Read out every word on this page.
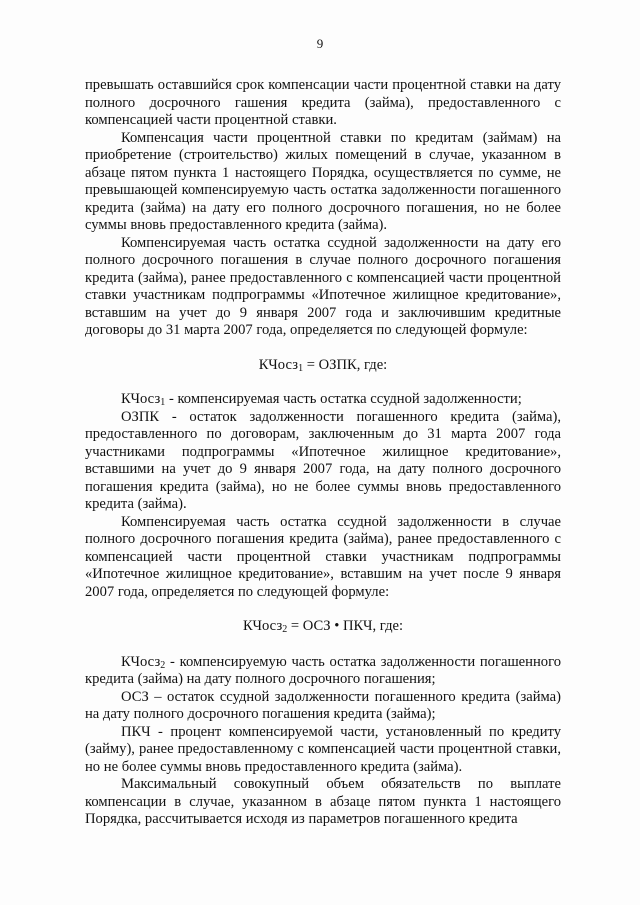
9

превышать оставшийся срок компенсации части процентной ставки на дату полного досрочного гашения кредита (займа), предоставленного с компенсацией части процентной ставки.

Компенсация части процентной ставки по кредитам (займам) на приобретение (строительство) жилых помещений в случае, указанном в абзаце пятом пункта 1 настоящего Порядка, осуществляется по сумме, не превышающей компенсируемую часть остатка задолженности погашенного кредита (займа) на дату его полного досрочного погашения, но не более суммы вновь предоставленного кредита (займа).

Компенсируемая часть остатка ссудной задолженности на дату его полного досрочного погашения в случае полного досрочного погашения кредита (займа), ранее предоставленного с компенсацией части процентной ставки участникам подпрограммы «Ипотечное жилищное кредитование», вставшим на учет до 9 января 2007 года и заключившим кредитные договоры до 31 марта 2007 года, определяется по следующей формуле:

КЧосз$_1$ = ОЗПК, где:

КЧосз$_1$ - компенсируемая часть остатка ссудной задолженности;

ОЗПК - остаток задолженности погашенного кредита (займа), предоставленного по договорам, заключенным до 31 марта 2007 года участниками подпрограммы «Ипотечное жилищное кредитование», вставшими на учет до 9 января 2007 года, на дату полного досрочного погашения кредита (займа), но не более суммы вновь предоставленного кредита (займа).

Компенсируемая часть остатка ссудной задолженности в случае полного досрочного погашения кредита (займа), ранее предоставленного с компенсацией части процентной ставки участникам подпрограммы «Ипотечное жилищное кредитование», вставшим на учет после 9 января 2007 года, определяется по следующей формуле:

КЧосз$_2$ = ОСЗ • ПКЧ, где:

КЧосз$_2$ - компенсируемую часть остатка задолженности погашенного кредита (займа) на дату полного досрочного погашения;

ОСЗ – остаток ссудной задолженности погашенного кредита (займа) на дату полного досрочного погашения кредита (займа);

ПКЧ - процент компенсируемой части, установленный по кредиту (займу), ранее предоставленному с компенсацией части процентной ставки, но не более суммы вновь предоставленного кредита (займа).

Максимальный совокупный объем обязательств по выплате компенсации в случае, указанном в абзаце пятом пункта 1 настоящего Порядка, рассчитывается исходя из параметров погашенного кредита
